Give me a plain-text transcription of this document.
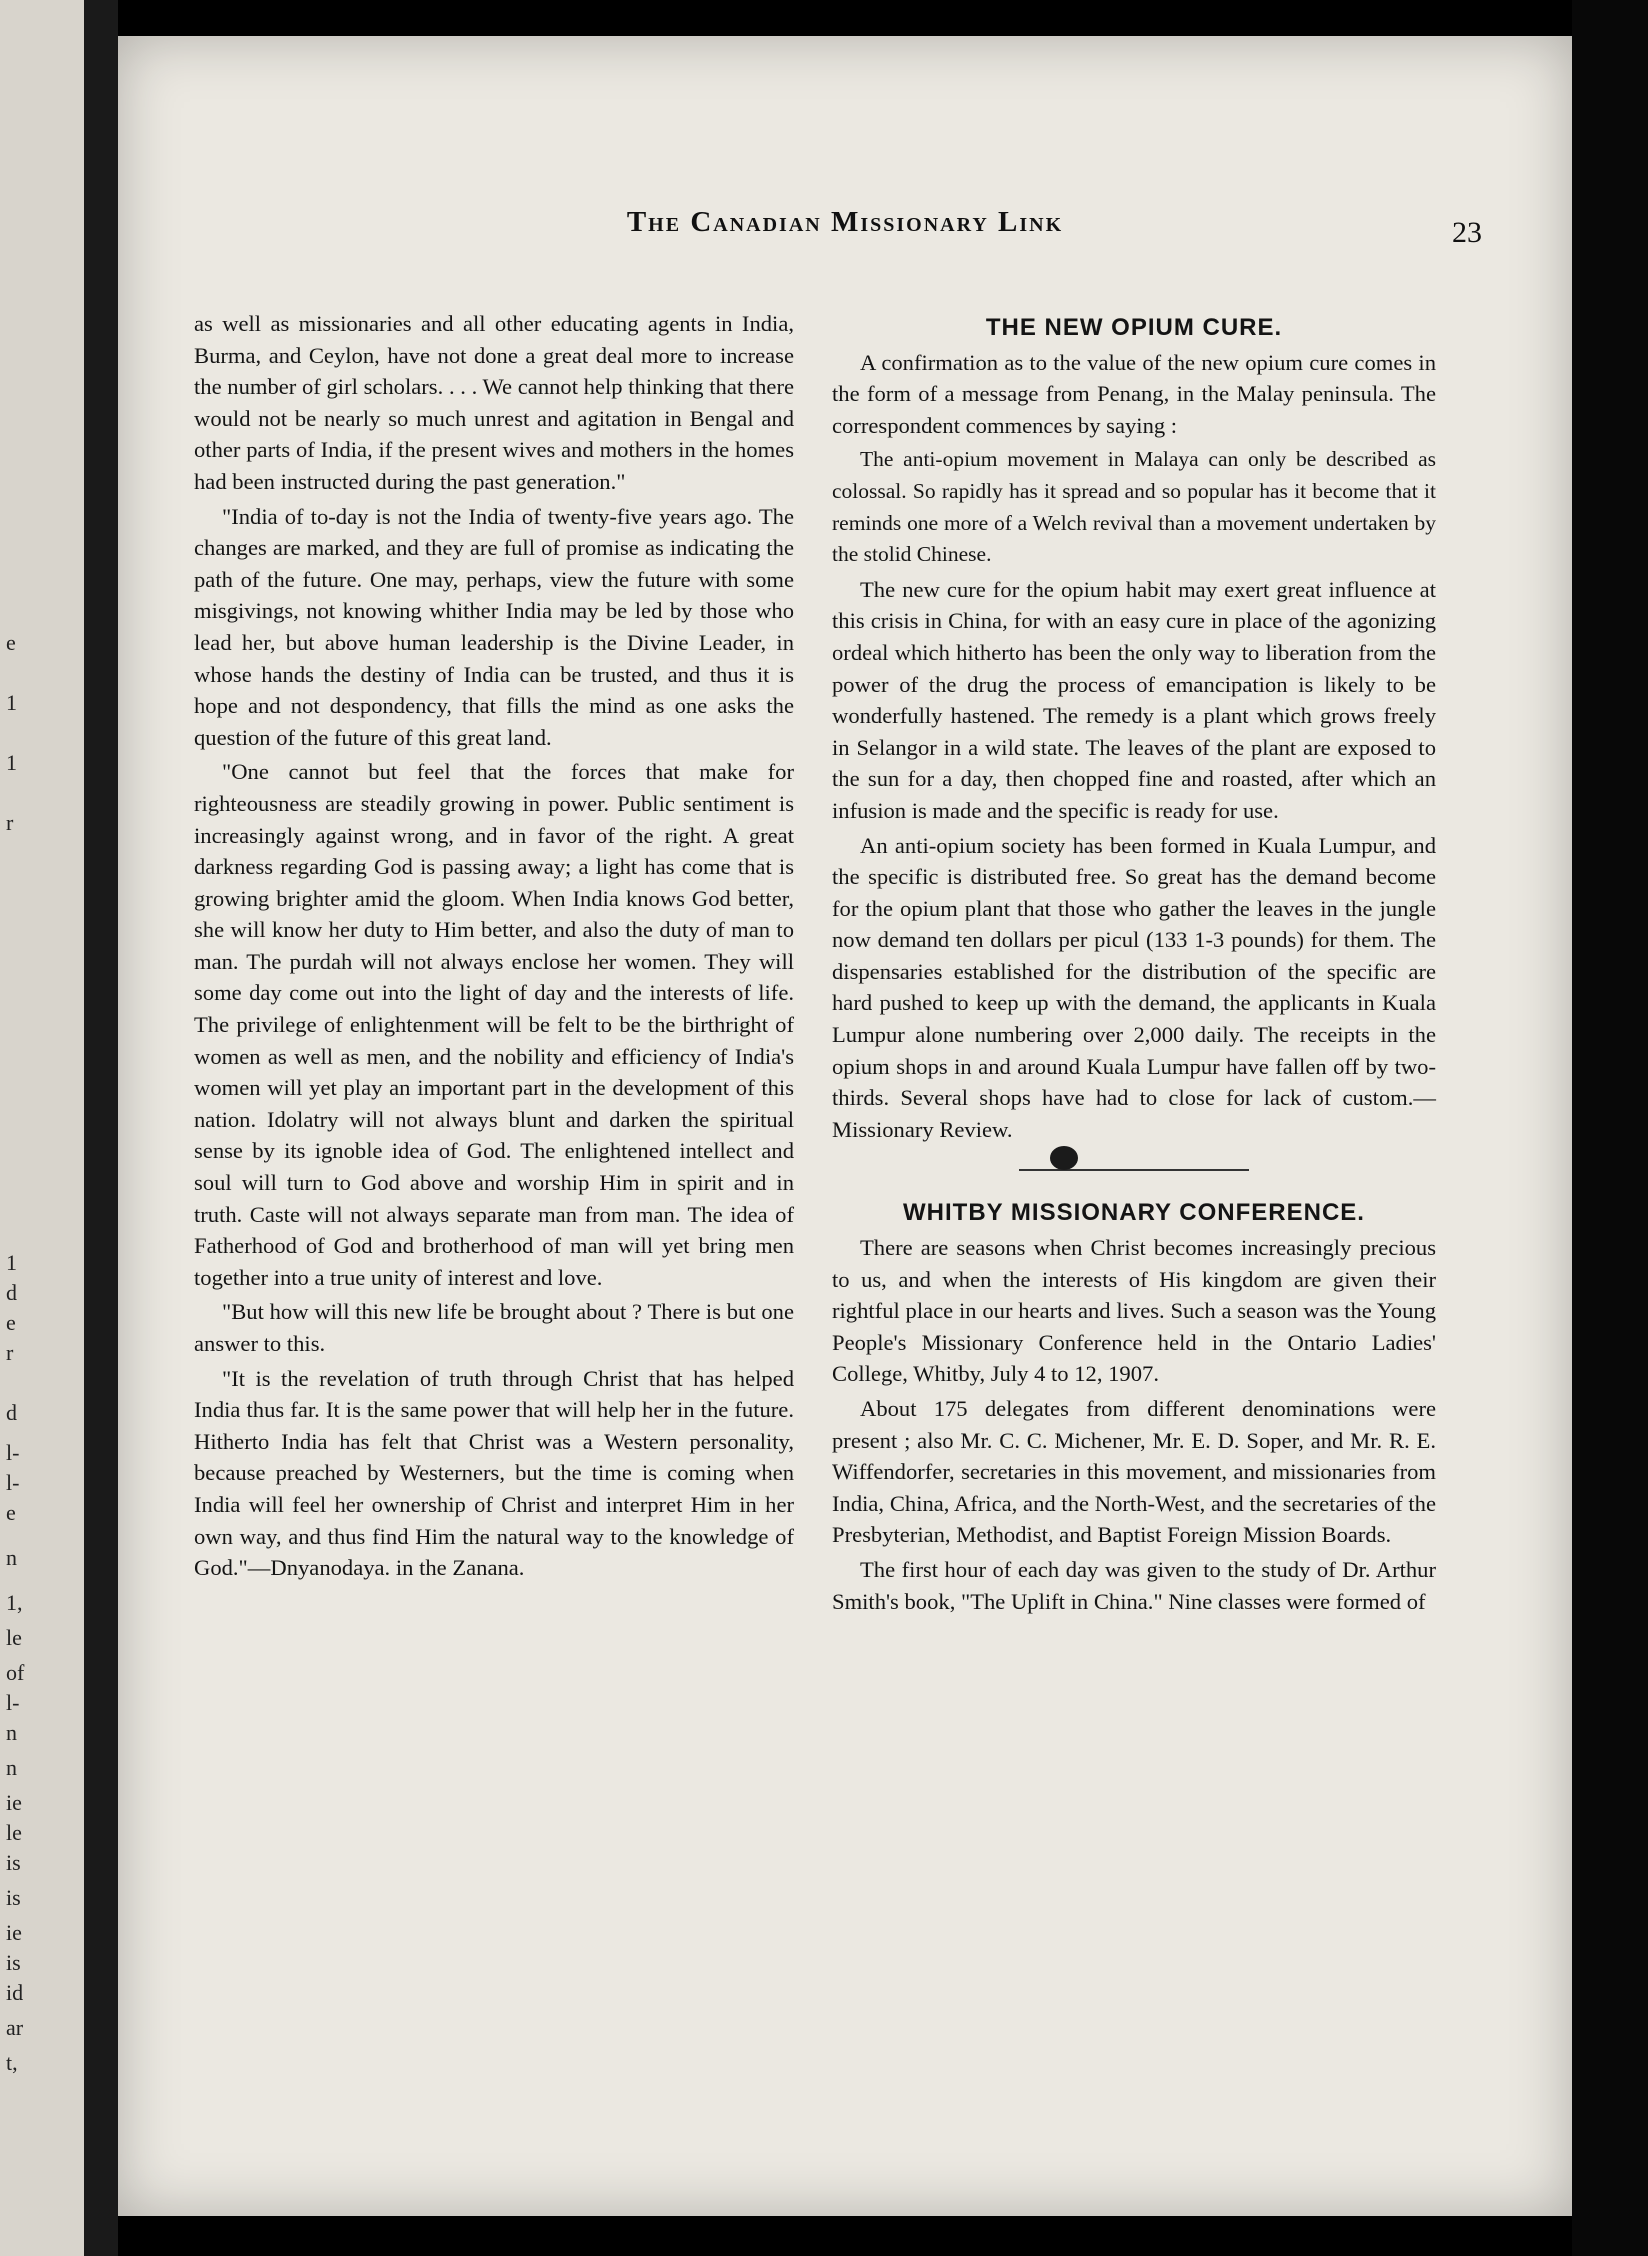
e
1
1
r
1
d
e
r
d
l-
l-
e
n
1,
le
of
l-
n
n
ie
le
is
is
ie
is
id
ar
t,
The Canadian Missionary Link	23

as well as missionaries and all other educating agents in India, Burma, and Ceylon, have not done a great deal more to increase the number of girl scholars. . . . We cannot help thinking that there would not be nearly so much unrest and agitation in Bengal and other parts of India, if the present wives and mothers in the homes had been instructed during the past generation."

"India of to-day is not the India of twenty-five years ago. The changes are marked, and they are full of promise as indicating the path of the future. One may, perhaps, view the future with some misgivings, not knowing whither India may be led by those who lead her, but above human leadership is the Divine Leader, in whose hands the destiny of India can be trusted, and thus it is hope and not despondency, that fills the mind as one asks the question of the future of this great land.

"One cannot but feel that the forces that make for righteousness are steadily growing in power. Public sentiment is increasingly against wrong, and in favor of the right. A great darkness regarding God is passing away; a light has come that is growing brighter amid the gloom. When India knows God better, she will know her duty to Him better, and also the duty of man to man. The purdah will not always enclose her women. They will some day come out into the light of day and the interests of life. The privilege of enlightenment will be felt to be the birthright of women as well as men, and the nobility and efficiency of India's women will yet play an important part in the development of this nation. Idolatry will not always blunt and darken the spiritual sense by its ignoble idea of God. The enlightened intellect and soul will turn to God above and worship Him in spirit and in truth. Caste will not always separate man from man. The idea of Fatherhood of God and brotherhood of man will yet bring men together into a true unity of interest and love.

"But how will this new life be brought about ? There is but one answer to this.

"It is the revelation of truth through Christ that has helped India thus far. It is the same power that will help her in the future. Hitherto India has felt that Christ was a Western personality, because preached by Westerners, but the time is coming when India will feel her ownership of Christ and interpret Him in her own way, and thus find Him the natural way to the knowledge of God."—Dnyanodaya. in the Zanana.

THE NEW OPIUM CURE.

A confirmation as to the value of the new opium cure comes in the form of a message from Penang, in the Malay peninsula. The correspondent commences by saying :

The anti-opium movement in Malaya can only be described as colossal. So rapidly has it spread and so popular has it become that it reminds one more of a Welch revival than a movement undertaken by the stolid Chinese.

The new cure for the opium habit may exert great influence at this crisis in China, for with an easy cure in place of the agonizing ordeal which hitherto has been the only way to liberation from the power of the drug the process of emancipation is likely to be wonderfully hastened. The remedy is a plant which grows freely in Selangor in a wild state. The leaves of the plant are exposed to the sun for a day, then chopped fine and roasted, after which an infusion is made and the specific is ready for use.

An anti-opium society has been formed in Kuala Lumpur, and the specific is distributed free. So great has the demand become for the opium plant that those who gather the leaves in the jungle now demand ten dollars per picul (133 1-3 pounds) for them. The dispensaries established for the distribution of the specific are hard pushed to keep up with the demand, the applicants in Kuala Lumpur alone numbering over 2,000 daily. The receipts in the opium shops in and around Kuala Lumpur have fallen off by two-thirds. Several shops have had to close for lack of custom.—Missionary Review.

WHITBY MISSIONARY CONFERENCE.

There are seasons when Christ becomes increasingly precious to us, and when the interests of His kingdom are given their rightful place in our hearts and lives. Such a season was the Young People's Missionary Conference held in the Ontario Ladies' College, Whitby, July 4 to 12, 1907.

About 175 delegates from different denominations were present ; also Mr. C. C. Michener, Mr. E. D. Soper, and Mr. R. E. Wiffendorfer, secretaries in this movement, and missionaries from India, China, Africa, and the North-West, and the secretaries of the Presbyterian, Methodist, and Baptist Foreign Mission Boards.

The first hour of each day was given to the study of Dr. Arthur Smith's book, "The Uplift in China." Nine classes were formed of
